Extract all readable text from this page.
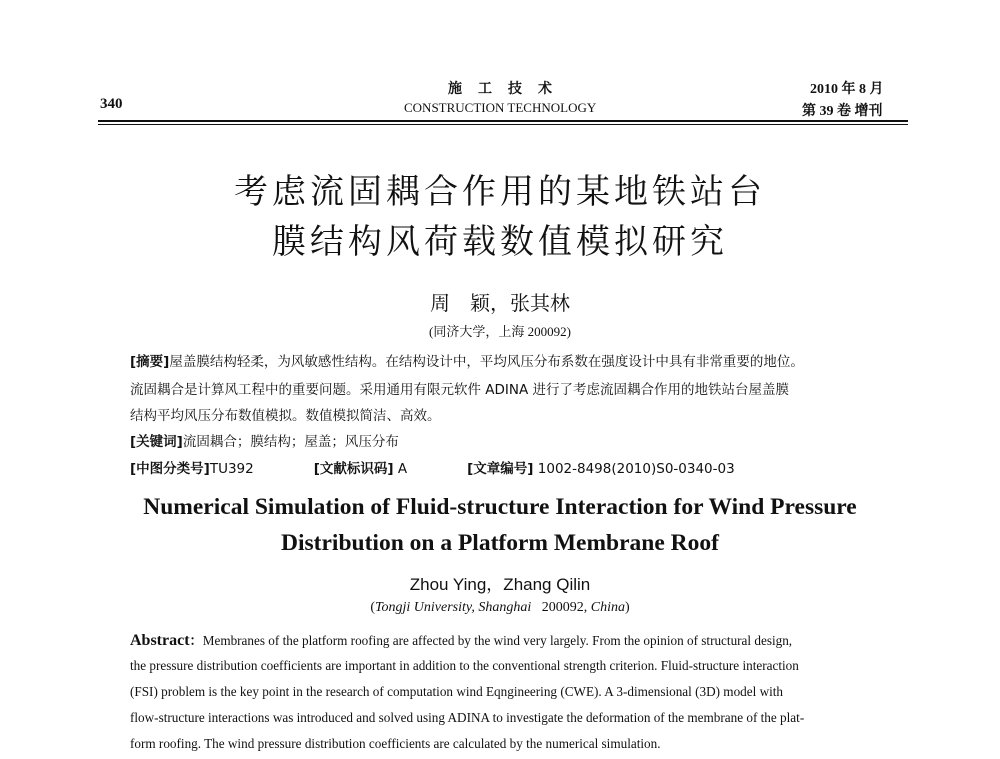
340
施工技术
CONSTRUCTION TECHNOLOGY
2010 年 8 月
第 39 卷 增刊
考虑流固耦合作用的某地铁站台
膜结构风荷载数值模拟研究
周　颖，张其林
(同济大学，上海 200092)
[摘要]屋盖膜结构轻柔，为风敏感性结构。在结构设计中，平均风压分布系数在强度设计中具有非常重要的地位。
流固耦合是计算风工程中的重要问题。采用通用有限元软件 ADINA 进行了考虑流固耦合作用的地铁站台屋盖膜
结构平均风压分布数值模拟。数值模拟简洁、高效。
[关键词]流固耦合；膜结构；屋盖；风压分布
[中图分类号]TU392	[文献标识码] A	[文章编号] 1002-8498(2010)S0-0340-03
Numerical Simulation of Fluid-structure Interaction for Wind Pressure
Distribution on a Platform Membrane Roof
Zhou Ying，Zhang Qilin
(Tongji University, Shanghai 200092, China)
Abstract：Membranes of the platform roofing are affected by the wind very largely. From the opinion of structural design,
the pressure distribution coefficients are important in addition to the conventional strength criterion. Fluid-structure interaction
(FSI) problem is the key point in the research of computation wind Eqngineering (CWE). A 3-dimensional (3D) model with
flow-structure interactions was introduced and solved using ADINA to investigate the deformation of the membrane of the plat-
form roofing. The wind pressure distribution coefficients are calculated by the numerical simulation.
